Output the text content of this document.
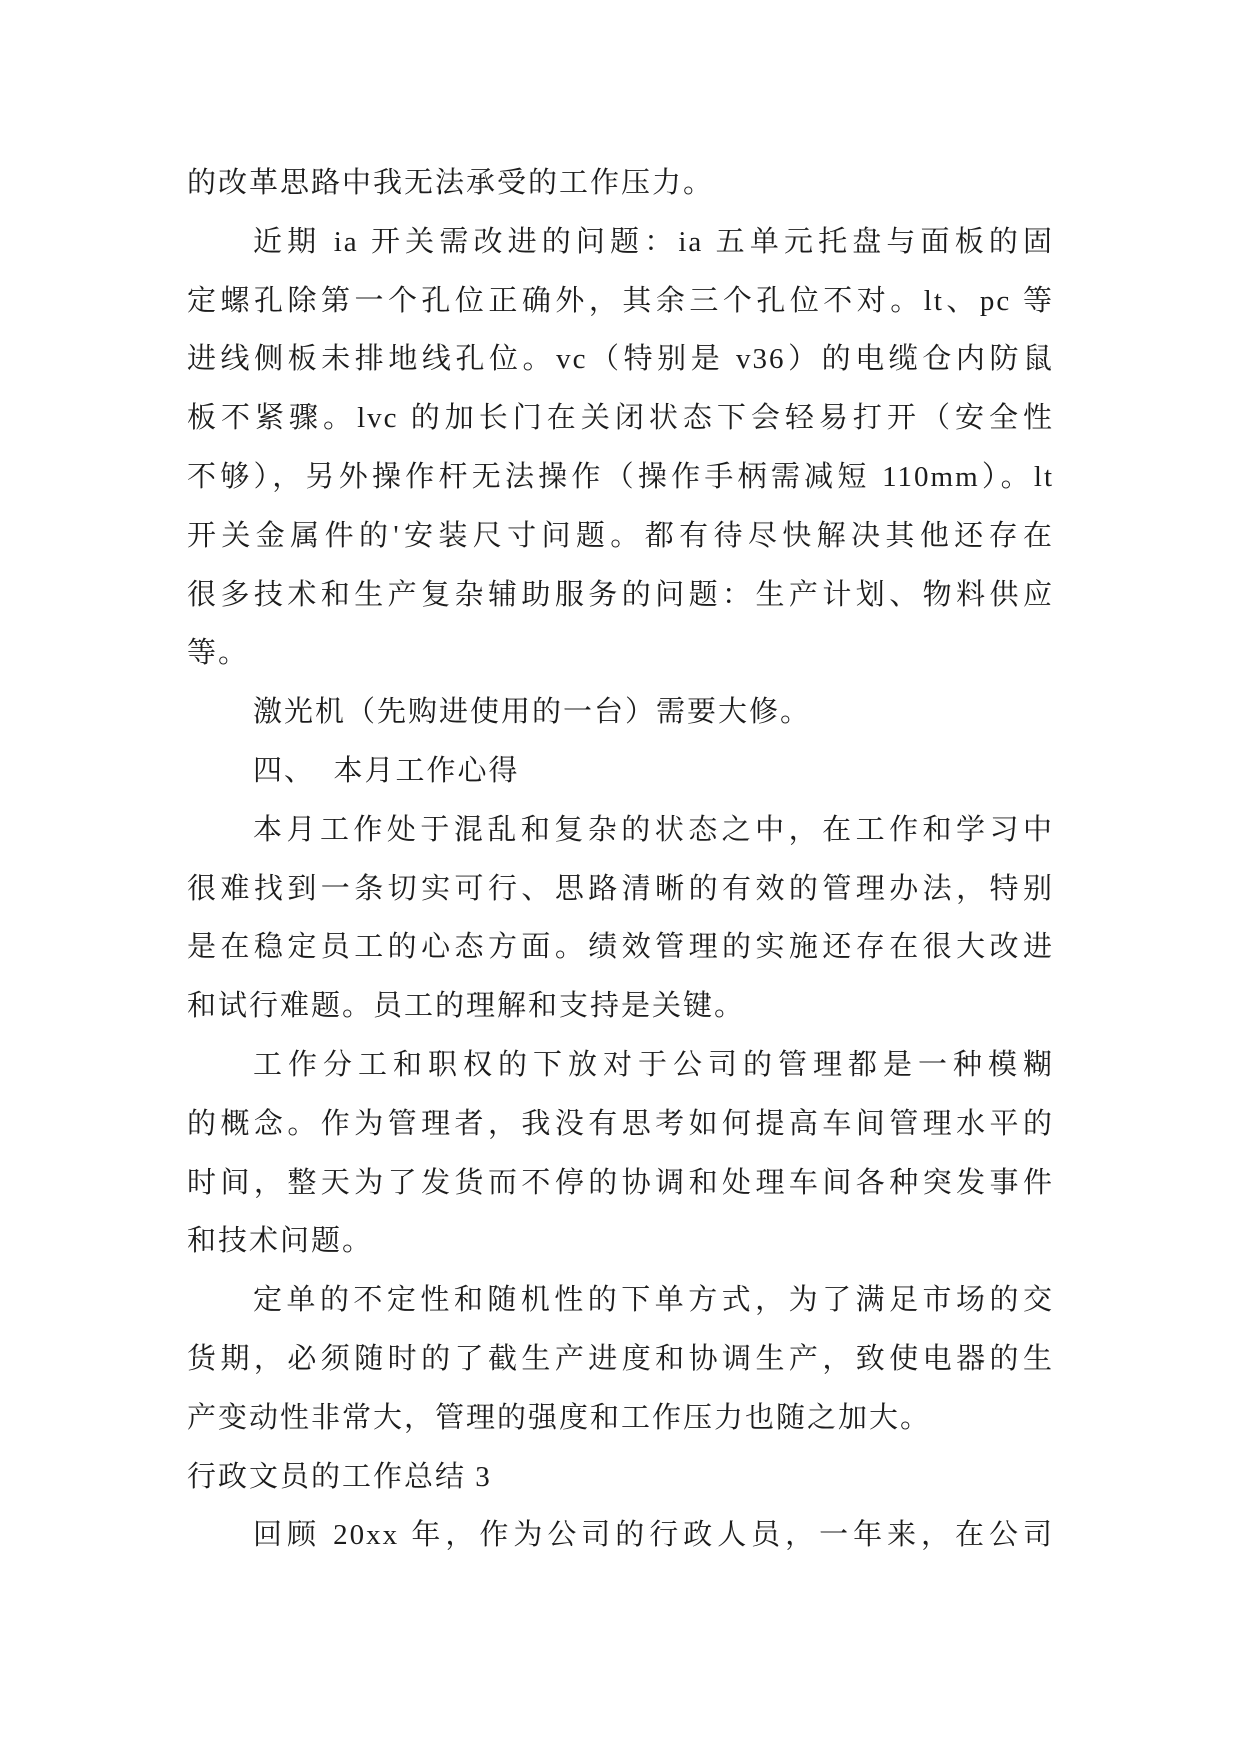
的改革思路中我无法承受的工作压力。
近期 ia 开关需改进的问题：ia 五单元托盘与面板的固
定螺孔除第一个孔位正确外，其余三个孔位不对。lt、pc 等
进线侧板未排地线孔位。vc（特别是 v36）的电缆仓内防鼠
板不紧骤。lvc 的加长门在关闭状态下会轻易打开（安全性
不够），另外操作杆无法操作（操作手柄需减短 110mm）。lt
开关金属件的'安装尺寸问题。都有待尽快解决其他还存在
很多技术和生产复杂辅助服务的问题：生产计划、物料供应
等。
激光机（先购进使用的一台）需要大修。
四、  本月工作心得
本月工作处于混乱和复杂的状态之中，在工作和学习中
很难找到一条切实可行、思路清晰的有效的管理办法，特别
是在稳定员工的心态方面。绩效管理的实施还存在很大改进
和试行难题。员工的理解和支持是关键。
工作分工和职权的下放对于公司的管理都是一种模糊
的概念。作为管理者，我没有思考如何提高车间管理水平的
时间，整天为了发货而不停的协调和处理车间各种突发事件
和技术问题。
定单的不定性和随机性的下单方式，为了满足市场的交
货期，必须随时的了截生产进度和协调生产，致使电器的生
产变动性非常大，管理的强度和工作压力也随之加大。
行政文员的工作总结 3
回顾 20xx 年，作为公司的行政人员，一年来，在公司
